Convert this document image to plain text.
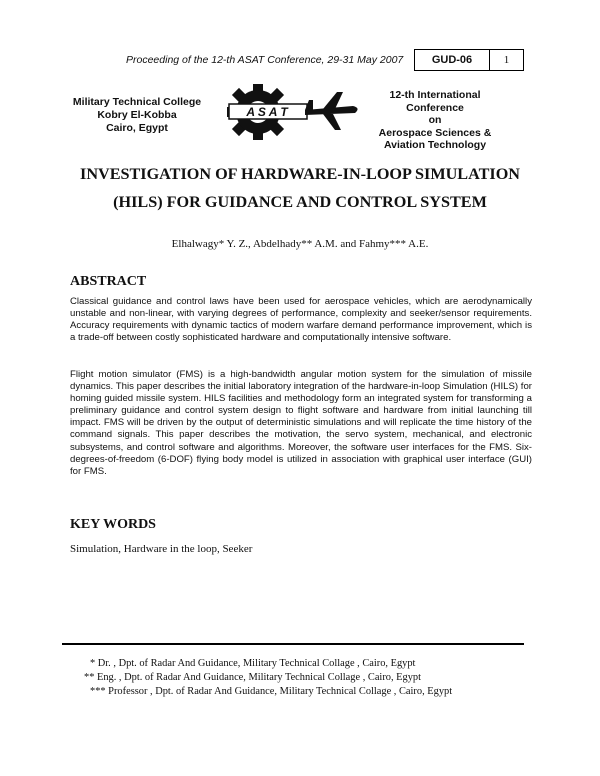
Proceeding of the 12-th ASAT Conference, 29-31 May 2007	GUD-06	1
Military Technical College
Kobry El-Kobba
Cairo, Egypt
A S A T
12-th International Conference
on
Aerospace Sciences &
Aviation Technology
INVESTIGATION OF HARDWARE-IN-LOOP SIMULATION
(HILS) FOR GUIDANCE AND CONTROL SYSTEM
Elhalwagy* Y. Z., Abdelhady** A.M. and Fahmy*** A.E.
ABSTRACT
Classical guidance and control laws have been used for aerospace vehicles, which are aerodynamically unstable and non-linear, with varying degrees of performance, complexity and seeker/sensor requirements. Accuracy requirements with dynamic tactics of modern warfare demand performance improvement, which is a trade-off between costly sophisticated hardware and computationally intensive software.
Flight motion simulator (FMS) is a high-bandwidth angular motion system for the simulation of missile dynamics. This paper describes the initial laboratory integration of the hardware-in-loop Simulation (HILS) for homing guided missile system. HILS facilities and methodology form an integrated system for transforming a preliminary guidance and control system design to flight software and hardware from initial launching till impact. FMS will be driven by the output of deterministic simulations and will replicate the time history of the command signals. This paper describes the motivation, the servo system, mechanical, and electronic subsystems, and control software and algorithms. Moreover, the software user interfaces for the FMS. Six-degrees-of-freedom (6-DOF) flying body model is utilized in association with graphical user interface (GUI) for FMS.
KEY WORDS
Simulation, Hardware in the loop, Seeker
* Dr. , Dpt. of Radar And Guidance, Military Technical Collage , Cairo, Egypt
** Eng. , Dpt. of Radar And Guidance, Military Technical Collage , Cairo, Egypt
*** Professor , Dpt. of Radar And Guidance, Military Technical Collage , Cairo, Egypt
